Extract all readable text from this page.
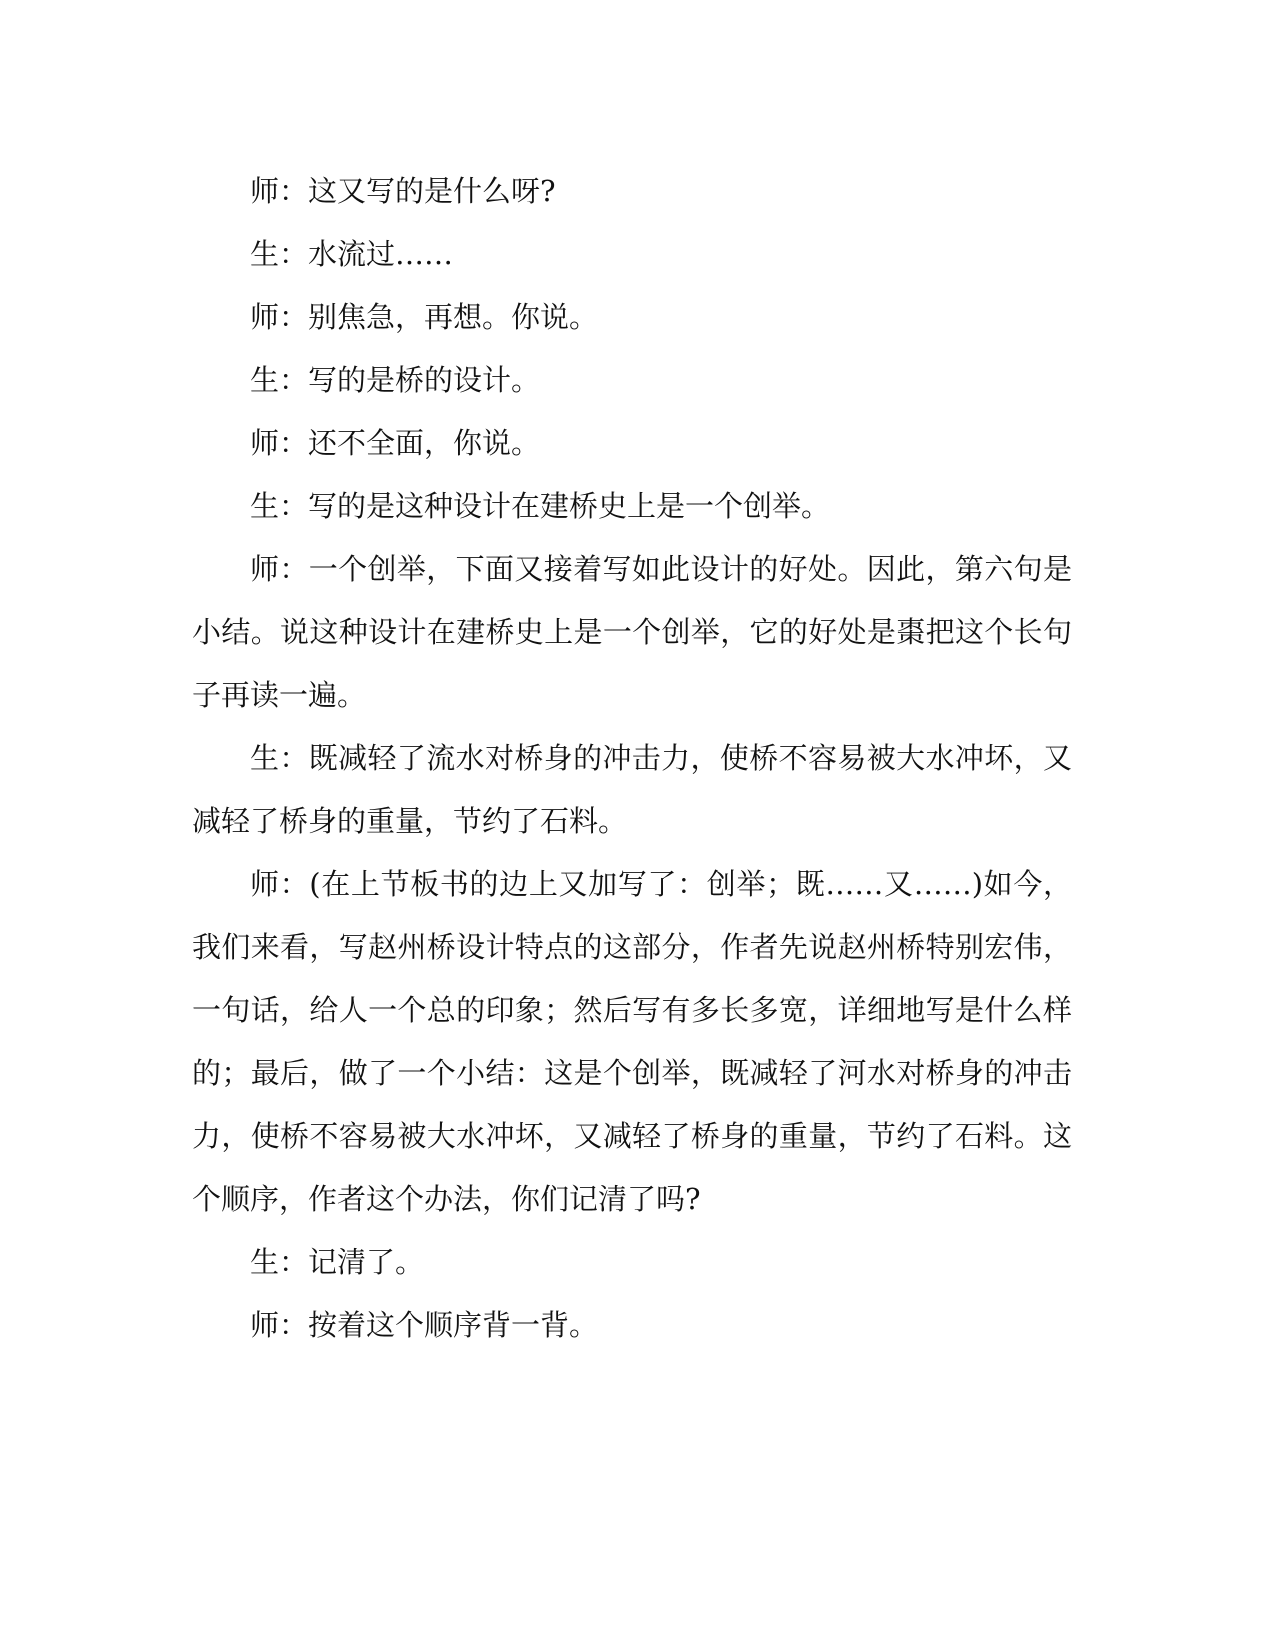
师：这又写的是什么呀?

生：水流过……

师：别焦急，再想。你说。

生：写的是桥的设计。

师：还不全面，你说。

生：写的是这种设计在建桥史上是一个创举。

师：一个创举，下面又接着写如此设计的好处。因此，第六句是小结。说这种设计在建桥史上是一个创举，它的好处是棗把这个长句子再读一遍。

生：既减轻了流水对桥身的冲击力，使桥不容易被大水冲坏，又减轻了桥身的重量，节约了石料。

师：(在上节板书的边上又加写了：创举；既……又……)如今，我们来看，写赵州桥设计特点的这部分，作者先说赵州桥特别宏伟，一句话，给人一个总的印象；然后写有多长多宽，详细地写是什么样的；最后，做了一个小结：这是个创举，既减轻了河水对桥身的冲击力，使桥不容易被大水冲坏，又减轻了桥身的重量，节约了石料。这个顺序，作者这个办法，你们记清了吗?

生：记清了。

师：按着这个顺序背一背。
